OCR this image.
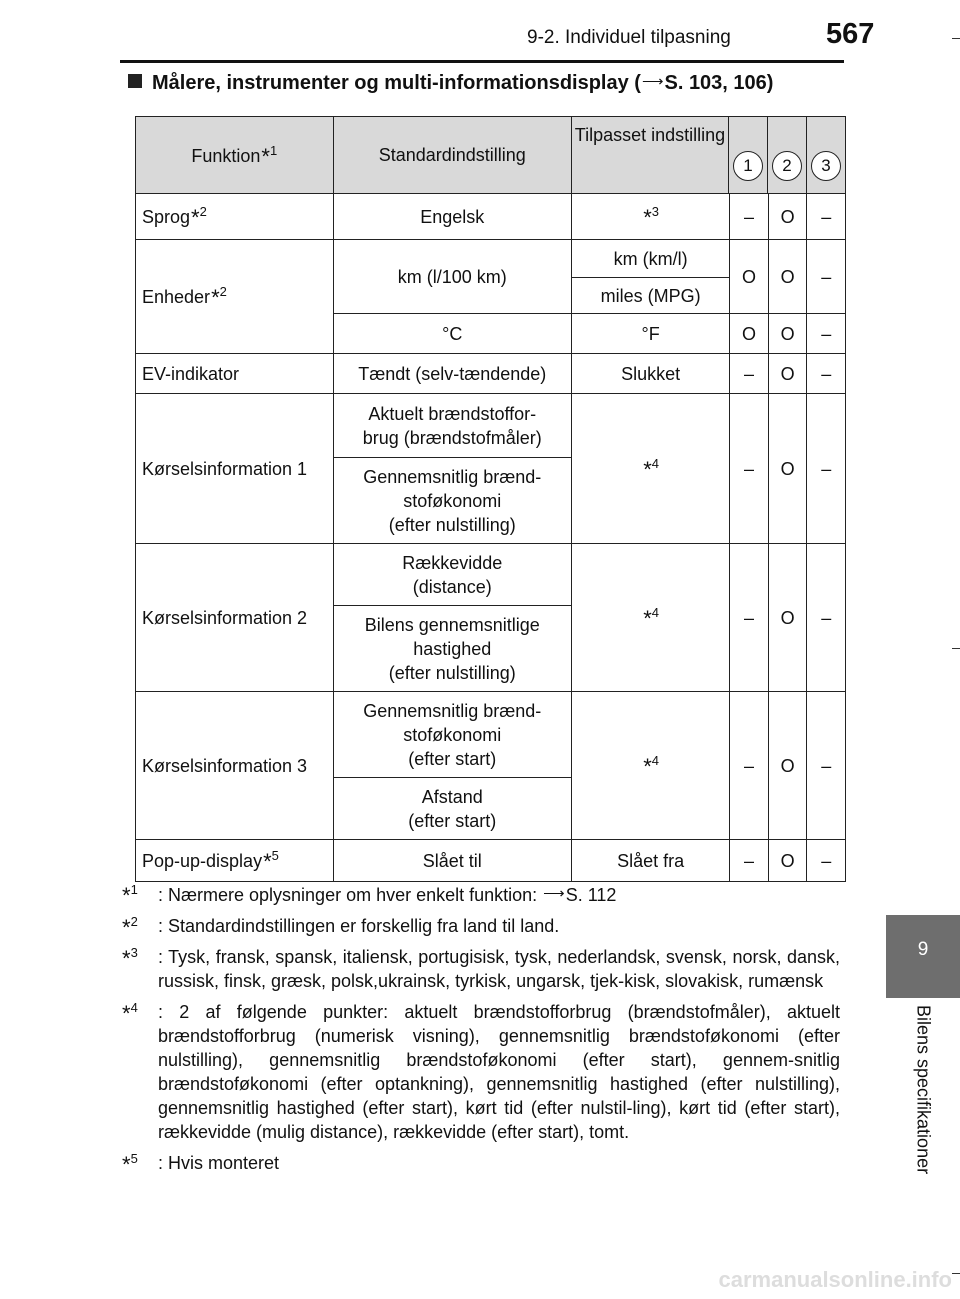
9-2. Individuel tilpasning	567
9
Bilens specifikationer
Målere, instrumenter og multi-informationsdisplay (⟶S. 103, 106)
Funktion*$^1$	Standardindstilling	Tilpasset indstilling
1 2 3			

Sprog*$^2$	Engelsk	*$^3$	–	O	–
Enheder*$^2$	km (l/100 km)	km (km/l)	O	O	–
		miles (MPG)			
	°C	°F	O	O	–
EV-indikator	Tændt (selv-tændende)	Slukket	–	O	–
Kørselsinformation 1	Aktuelt brændstoffor-
brug (brændstofmåler)	*$^4$	–	O	–
	Gennemsnitlig brænd-
stoføkonomi
(efter nulstilling)				
Kørselsinformation 2	Rækkevidde
(distance)	*$^4$	–	O	–
	Bilens gennemsnitlige
hastighed
(efter nulstilling)				
Kørselsinformation 3	Gennemsnitlig brænd-
stoføkonomi
(efter start)	*$^4$	–	O	–
	Afstand
(efter start)				
Pop-up-display*$^5$	Slået til	Slået fra	–	O	–
*$^1$ : Nærmere oplysninger om hver enkelt funktion: ⟶S. 112
*$^2$ : Standardindstillingen er forskellig fra land til land.
*$^3$ : Tysk, fransk, spansk, italiensk, portugisisk, tysk, nederlandsk, svensk, norsk, dansk, russisk, finsk, græsk, polsk,ukrainsk, tyrkisk, ungarsk, tjek-kisk, slovakisk, rumænsk
*$^4$ : 2 af følgende punkter: aktuelt brændstofforbrug (brændstofmåler), aktuelt brændstofforbrug (numerisk visning), gennemsnitlig brændstoføkonomi (efter nulstilling), gennemsnitlig brændstoføkonomi (efter start), gennem-snitlig brændstoføkonomi (efter optankning), gennemsnitlig hastighed (efter nulstilling), gennemsnitlig hastighed (efter start), kørt tid (efter nulstil-ling), kørt tid (efter start), rækkevidde (mulig distance), rækkevidde (efter start), tomt.
*$^5$ : Hvis monteret
carmanualsonline.info
